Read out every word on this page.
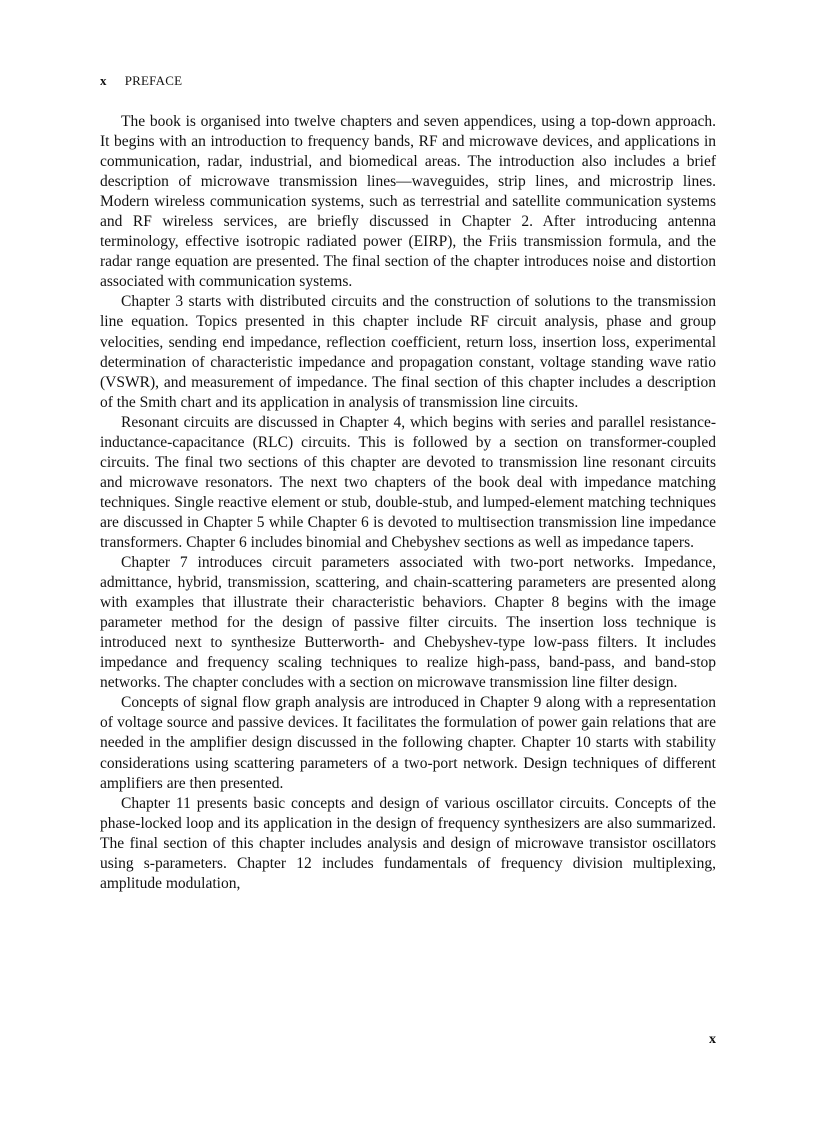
x PREFACE

The book is organised into twelve chapters and seven appendices, using a top-down approach. It begins with an introduction to frequency bands, RF and microwave devices, and applications in communication, radar, industrial, and biomedical areas. The introduction also includes a brief description of microwave transmission lines—waveguides, strip lines, and microstrip lines. Modern wireless communication systems, such as terrestrial and satellite communication systems and RF wireless services, are briefly discussed in Chapter 2. After introducing antenna terminology, effective isotropic radiated power (EIRP), the Friis transmission formula, and the radar range equation are presented. The final section of the chapter introduces noise and distortion associated with communication systems.

Chapter 3 starts with distributed circuits and the construction of solutions to the transmission line equation. Topics presented in this chapter include RF circuit analysis, phase and group velocities, sending end impedance, reflection coefficient, return loss, insertion loss, experimental determination of characteristic impedance and propagation constant, voltage standing wave ratio (VSWR), and measurement of impedance. The final section of this chapter includes a description of the Smith chart and its application in analysis of transmission line circuits.

Resonant circuits are discussed in Chapter 4, which begins with series and parallel resistance-inductance-capacitance (RLC) circuits. This is followed by a section on transformer-coupled circuits. The final two sections of this chapter are devoted to transmission line resonant circuits and microwave resonators. The next two chapters of the book deal with impedance matching techniques. Single reactive element or stub, double-stub, and lumped-element matching techniques are discussed in Chapter 5 while Chapter 6 is devoted to multisection transmission line impedance transformers. Chapter 6 includes binomial and Chebyshev sections as well as impedance tapers.

Chapter 7 introduces circuit parameters associated with two-port networks. Impedance, admittance, hybrid, transmission, scattering, and chain-scattering parameters are presented along with examples that illustrate their characteristic behaviors. Chapter 8 begins with the image parameter method for the design of passive filter circuits. The insertion loss technique is introduced next to synthesize Butterworth- and Chebyshev-type low-pass filters. It includes impedance and frequency scaling techniques to realize high-pass, band-pass, and band-stop networks. The chapter concludes with a section on microwave transmission line filter design.

Concepts of signal flow graph analysis are introduced in Chapter 9 along with a representation of voltage source and passive devices. It facilitates the formulation of power gain relations that are needed in the amplifier design discussed in the following chapter. Chapter 10 starts with stability considerations using scattering parameters of a two-port network. Design techniques of different amplifiers are then presented.

Chapter 11 presents basic concepts and design of various oscillator circuits. Concepts of the phase-locked loop and its application in the design of frequency synthesizers are also summarized. The final section of this chapter includes analysis and design of microwave transistor oscillators using s-parameters. Chapter 12 includes fundamentals of frequency division multiplexing, amplitude modulation,

x
